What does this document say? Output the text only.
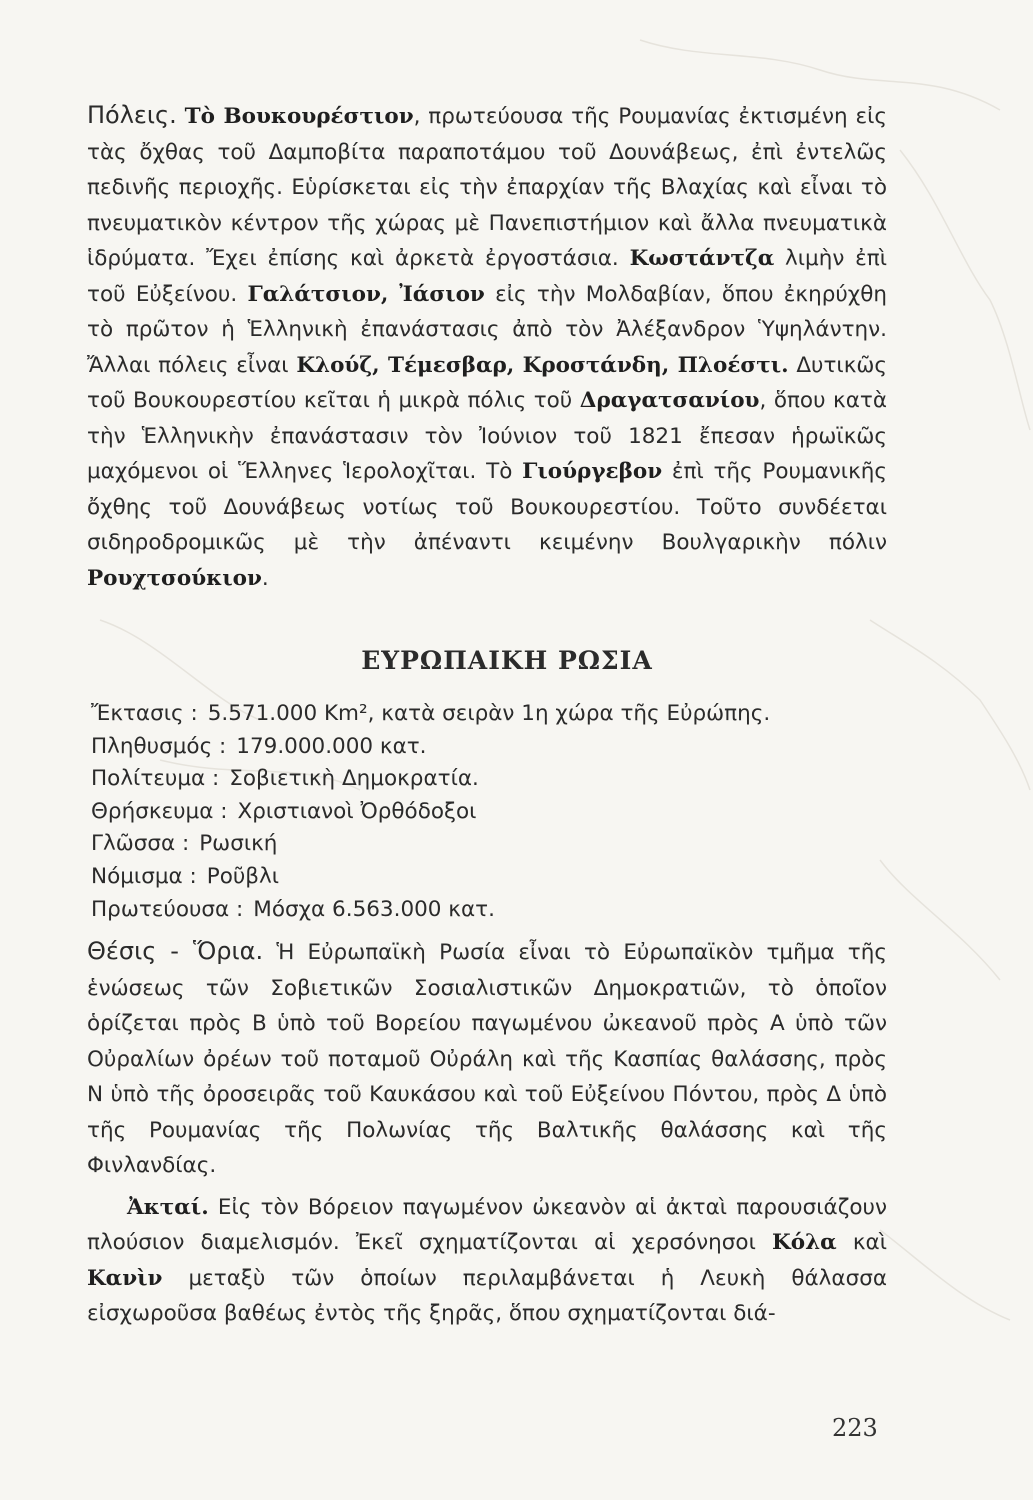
Πόλεις. Τὸ Βουκουρέστιον, πρωτεύουσα τῆς Ρουμανίας ἐκτισμένη εἰς τὰς ὄχθας τοῦ Δαμποβίτα παραποτάμου τοῦ Δουνάβεως, ἐπὶ ἐντελῶς πεδινῆς περιοχῆς. Εὑρίσκεται εἰς τὴν ἐπαρχίαν τῆς Βλαχίας καὶ εἶναι τὸ πνευματικὸν κέντρον τῆς χώρας μὲ Πανεπιστήμιον καὶ ἄλλα πνευματικὰ ἱδρύματα. Ἔχει ἐπίσης καὶ ἀρκετὰ ἐργοστάσια. Κωστάντζα λιμὴν ἐπὶ τοῦ Εὐξείνου. Γαλάτσιον, Ἰάσιον εἰς τὴν Μολδαβίαν, ὅπου ἐκηρύχθη τὸ πρῶτον ἡ Ἑλληνικὴ ἐπανάστασις ἀπὸ τὸν Ἀλέξανδρον Ὑψηλάντην. Ἄλλαι πόλεις εἶναι Κλούζ, Τέμεσβαρ, Κροστάνδη, Πλοέστι. Δυτικῶς τοῦ Βουκουρεστίου κεῖται ἡ μικρὰ πόλις τοῦ Δραγατσανίου, ὅπου κατὰ τὴν Ἑλληνικὴν ἐπανάστασιν τὸν Ἰούνιον τοῦ 1821 ἔπεσαν ἡρωϊκῶς μαχόμενοι οἱ Ἕλληνες Ἱερολοχῖται. Τὸ Γιούργεβον ἐπὶ τῆς Ρουμανικῆς ὄχθης τοῦ Δουνάβεως νοτίως τοῦ Βουκουρεστίου. Τοῦτο συνδέεται σιδηροδρομικῶς μὲ τὴν ἀπέναντι κειμένην Βουλγαρικὴν πόλιν Ρουχτσούκιον.

ΕΥΡΩΠΑΙΚΗ ΡΩΣΙΑ
Ἔκτασις : 5.571.000 Km², κατὰ σειρὰν 1η χώρα τῆς Εὐρώπης.
Πληθυσμός : 179.000.000 κατ.
Πολίτευμα : Σοβιετικὴ Δημοκρατία.
Θρήσκευμα : Χριστιανοὶ Ὀρθόδοξοι
Γλῶσσα : Ρωσική
Νόμισμα : Ροῦβλι
Πρωτεύουσα : Μόσχα 6.563.000 κατ.

Θέσις - Ὅρια. Ἡ Εὐρωπαϊκὴ Ρωσία εἶναι τὸ Εὐρωπαϊκὸν τμῆμα τῆς ἑνώσεως τῶν Σοβιετικῶν Σοσιαλιστικῶν Δημοκρατιῶν, τὸ ὁποῖον ὁρίζεται πρὸς Β ὑπὸ τοῦ Βορείου παγωμένου ὠκεανοῦ πρὸς Α ὑπὸ τῶν Οὐραλίων ὀρέων τοῦ ποταμοῦ Οὐράλη καὶ τῆς Κασπίας θαλάσσης, πρὸς Ν ὑπὸ τῆς ὀροσειρᾶς τοῦ Καυκάσου καὶ τοῦ Εὐξείνου Πόντου, πρὸς Δ ὑπὸ τῆς Ρουμανίας τῆς Πολωνίας τῆς Βαλτικῆς θαλάσσης καὶ τῆς Φινλανδίας.

Ἀκταί. Εἰς τὸν Βόρειον παγωμένον ὠκεανὸν αἱ ἀκταὶ παρουσιάζουν πλούσιον διαμελισμόν. Ἐκεῖ σχηματίζονται αἱ χερσόνησοι Κόλα καὶ Κανὶν μεταξὺ τῶν ὁποίων περιλαμβάνεται ἡ Λευκὴ θάλασσα εἰσχωροῦσα βαθέως ἐντὸς τῆς ξηρᾶς, ὅπου σχηματίζονται διά-

223
